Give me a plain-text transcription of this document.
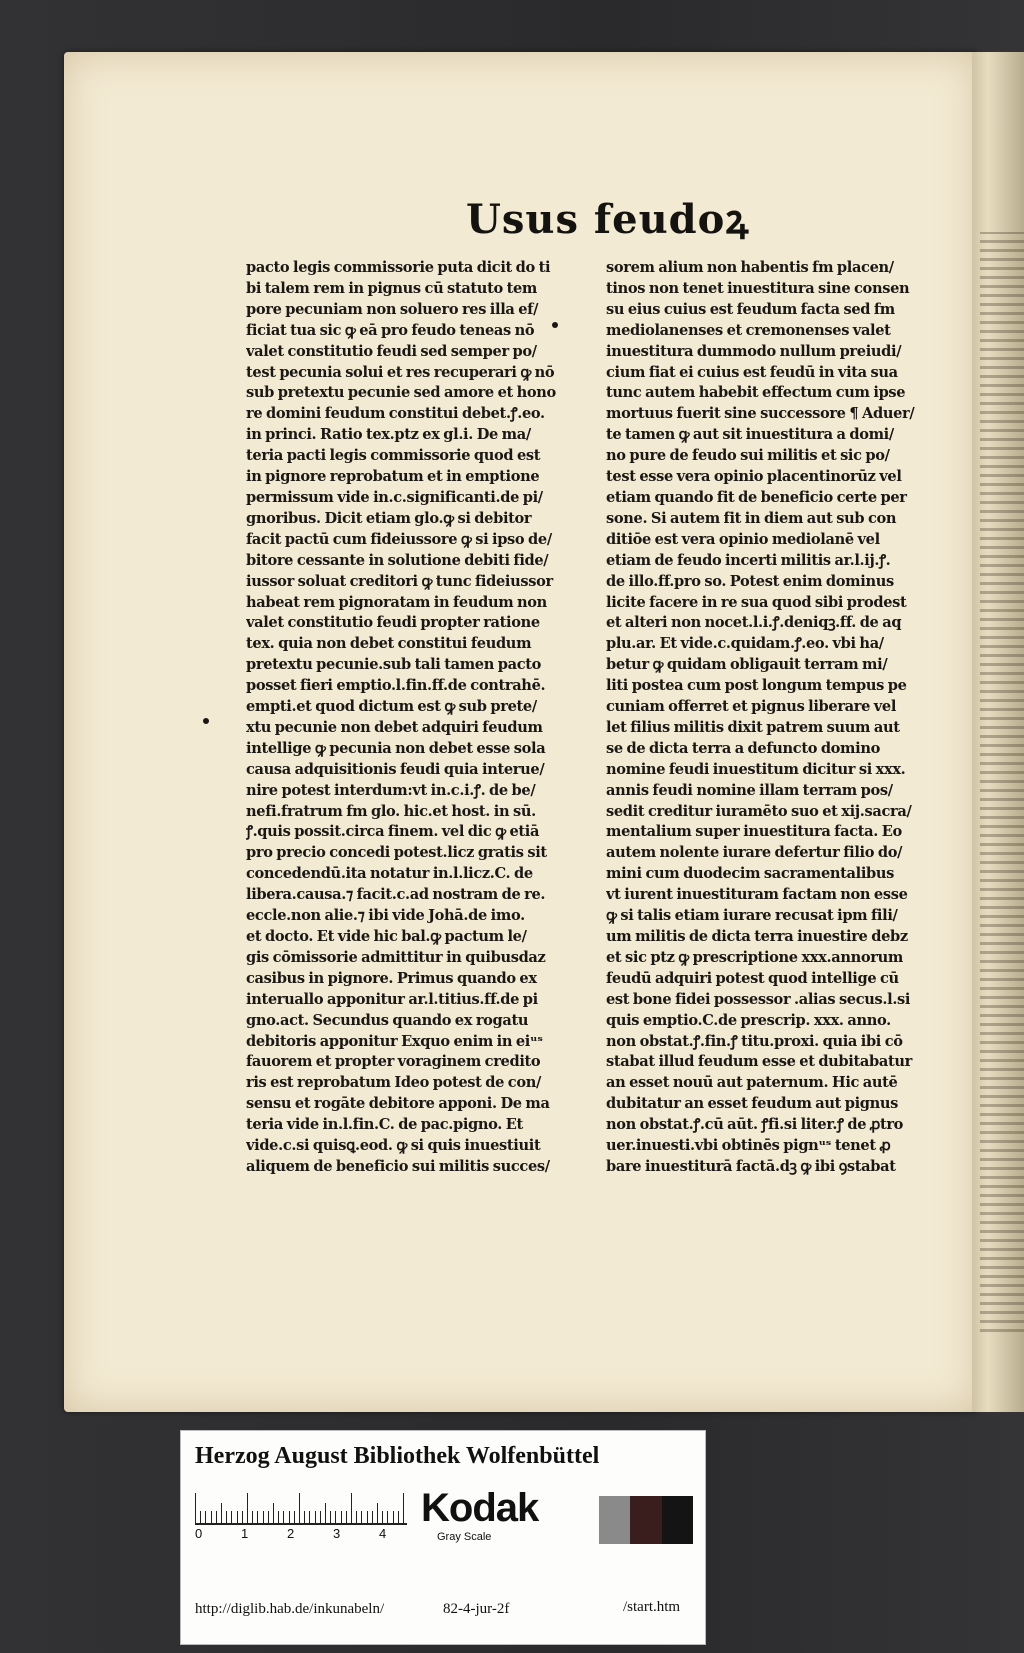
Usus feudoꝝ
pacto legis commissorie puta dicit do ti
bi talem rem in pignus cū statuto tem
pore pecuniam non soluero res illa ef/
ficiat tua sic ꝙ eā pro feudo teneas nō
valet constitutio feudi sed semper po/
test pecunia solui et res recuperari ꝙ nō
sub pretextu pecunie sed amore et hono
re domini feudum constitui debet.ꝭ.eo.
in princi. Ratio tex.ptz ex gl.i. De ma/
teria pacti legis commissorie quod est
in pignore reprobatum et in emptione
permissum vide in.c.significanti.de pi/
gnoribus. Dicit etiam glo.ꝙ si debitor
facit pactū cum fideiussore ꝙ si ipso de/
bitore cessante in solutione debiti fide/
iussor soluat creditori ꝙ tunc fideiussor
habeat rem pignoratam in feudum non
valet constitutio feudi propter ratione
tex. quia non debet constitui feudum
pretextu pecunie.sub tali tamen pacto
posset fieri emptio.l.fin.ff.de contrahē.
empti.et quod dictum est ꝙ sub prete/
xtu pecunie non debet adquiri feudum
intellige ꝙ pecunia non debet esse sola
causa adquisitionis feudi quia interue/
nire potest interdum:vt in.c.i.ꝭ. de be/
nefi.fratrum fm glo. hic.et host. in sū.
ꝭ.quis possit.circa finem. vel dic ꝙ etiā
pro precio concedi potest.licz gratis sit
concedendū.ita notatur in.l.licz.C. de
libera.causa.⁊ facit.c.ad nostram de re.
eccle.non alie.⁊ ibi vide Johā.de imo.
et docto. Et vide hic bal.ꝙ pactum le/
gis cōmissorie admittitur in quibusdaz
casibus in pignore. Primus quando ex
interuallo apponitur ar.l.titius.ff.de pi
gno.act. Secundus quando ex rogatu
debitoris apponitur Exquo enim in eiᵘˢ
fauorem et propter voraginem credito
ris est reprobatum Ideo potest de con/
sensu et rogāte debitore apponi. De ma
teria vide in.l.fin.C. de pac.pigno. Et
vide.c.si quisꝗ.eod. ꝙ si quis inuestiuit
aliquem de beneficio sui militis succes/
sorem alium non habentis fm placen/
tinos non tenet inuestitura sine consen
su eius cuius est feudum facta sed fm
mediolanenses et cremonenses valet
inuestitura dummodo nullum preiudi/
cium fiat ei cuius est feudū in vita sua
tunc autem habebit effectum cum ipse
mortuus fuerit sine successore ¶ Aduer/
te tamen ꝙ aut sit inuestitura a domi/
no pure de feudo sui militis et sic po/
test esse vera opinio placentinorūz vel
etiam quando fit de beneficio certe per
sone. Si autem fit in diem aut sub con
ditiōe est vera opinio mediolanē vel
etiam de feudo incerti militis ar.l.ij.ꝭ.
de illo.ff.pro so. Potest enim dominus
licite facere in re sua quod sibi prodest
et alteri non nocet.l.i.ꝭ.deniqꝫ.ff. de aq
plu.ar. Et vide.c.quidam.ꝭ.eo. vbi ha/
betur ꝙ quidam obligauit terram mi/
liti postea cum post longum tempus pe
cuniam offerret et pignus liberare vel
let filius militis dixit patrem suum aut
se de dicta terra a defuncto domino
nomine feudi inuestitum dicitur si xxx.
annis feudi nomine illam terram pos/
sedit creditur iuramēto suo et xij.sacra/
mentalium super inuestitura facta. Eo
autem nolente iurare defertur filio do/
mini cum duodecim sacramentalibus
vt iurent inuestituram factam non esse
ꝙ si talis etiam iurare recusat ipm fili/
um militis de dicta terra inuestire debz
et sic ptz ꝙ prescriptione xxx.annorum
feudū adquiri potest quod intellige cū
est bone fidei possessor .alias secus.l.si
quis emptio.C.de prescrip. xxx. anno.
non obstat.ꝭ.fin.ꝭ titu.proxi. quia ibi cō
stabat illud feudum esse et dubitabatur
an esset nouū aut paternum. Hic autē
dubitatur an esset feudum aut pignus
non obstat.ꝭ.cū aūt. ꝭfi.si liter.ꝭ de ꝓtro
uer.inuesti.vbi obtinēs pignᵘˢ tenet ꝓ
bare inuestiturā factā.dꝫ ꝙ ibi ꝯstabat
Herzog August Bibliothek Wolfenbüttel
0	1	2	3	4
Kodak
Gray Scale
http://diglib.hab.de/inkunabeln/	82-4-jur-2f	/start.htm
